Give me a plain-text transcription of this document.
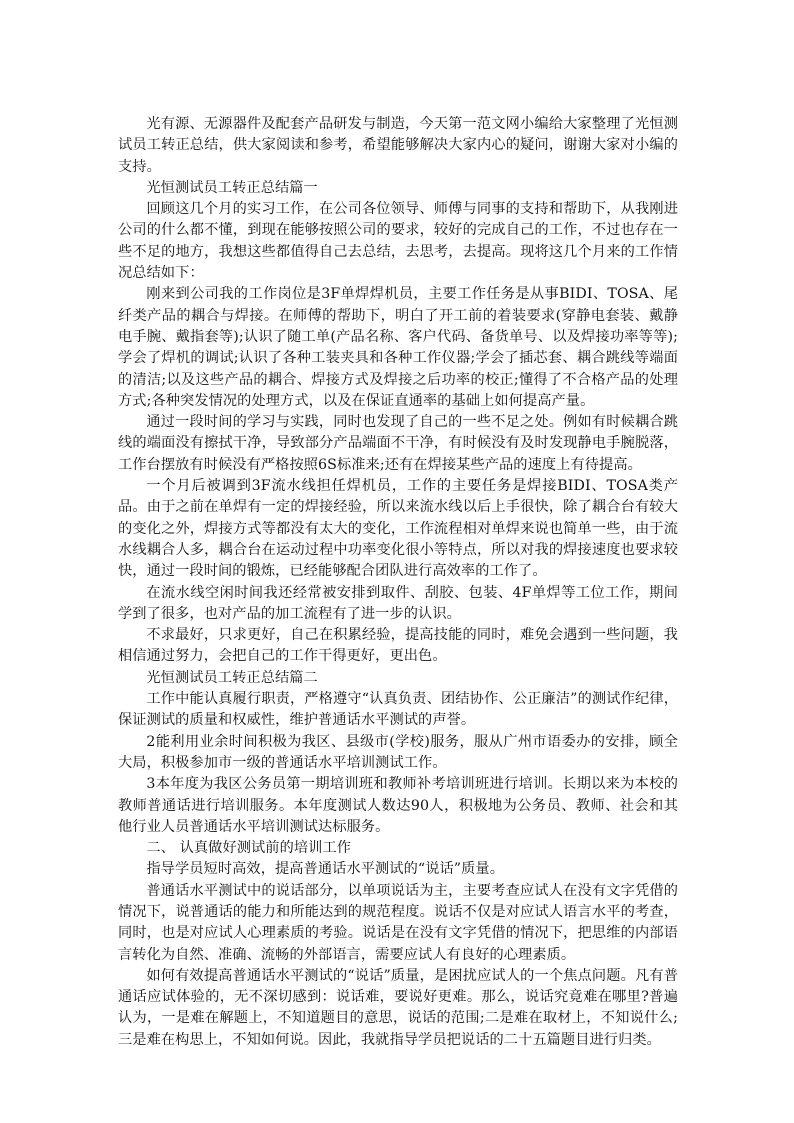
光有源、无源器件及配套产品研发与制造，今天第一范文网小编给大家整理了光恒测试员工转正总结，供大家阅读和参考，希望能够解决大家内心的疑问，谢谢大家对小编的支持。

光恒测试员工转正总结篇一

回顾这几个月的实习工作，在公司各位领导、师傅与同事的支持和帮助下，从我刚进公司的什么都不懂，到现在能够按照公司的要求，较好的完成自己的工作，不过也存在一些不足的地方，我想这些都值得自己去总结，去思考，去提高。现将这几个月来的工作情况总结如下：

刚来到公司我的工作岗位是3F单焊焊机员，主要工作任务是从事BIDI、TOSA、尾纤类产品的耦合与焊接。在师傅的帮助下，明白了开工前的着装要求(穿静电套装、戴静电手腕、戴指套等);认识了随工单(产品名称、客户代码、备货单号、以及焊接功率等等);学会了焊机的调试;认识了各种工装夹具和各种工作仪器;学会了插芯套、耦合跳线等端面的清洁;以及这些产品的耦合、焊接方式及焊接之后功率的校正;懂得了不合格产品的处理方式;各种突发情况的处理方式，以及在保证直通率的基础上如何提高产量。

通过一段时间的学习与实践，同时也发现了自己的一些不足之处。例如有时候耦合跳线的端面没有擦拭干净，导致部分产品端面不干净，有时候没有及时发现静电手腕脱落，工作台摆放有时候没有严格按照6S标准来;还有在焊接某些产品的速度上有待提高。

一个月后被调到3F流水线担任焊机员，工作的主要任务是焊接BIDI、TOSA类产品。由于之前在单焊有一定的焊接经验，所以来流水线以后上手很快，除了耦合台有较大的变化之外，焊接方式等都没有太大的变化，工作流程相对单焊来说也简单一些，由于流水线耦合人多，耦合台在运动过程中功率变化很小等特点，所以对我的焊接速度也要求较快，通过一段时间的锻炼，已经能够配合团队进行高效率的工作了。

在流水线空闲时间我还经常被安排到取件、刮胶、包装、4F单焊等工位工作，期间学到了很多，也对产品的加工流程有了进一步的认识。

不求最好，只求更好，自己在积累经验，提高技能的同时，难免会遇到一些问题，我相信通过努力，会把自己的工作干得更好，更出色。

光恒测试员工转正总结篇二

工作中能认真履行职责，严格遵守“认真负责、团结协作、公正廉洁”的测试作纪律，保证测试的质量和权威性，维护普通话水平测试的声誉。

2能利用业余时间积极为我区、县级市(学校)服务，服从广州市语委办的安排，顾全大局，积极参加市一级的普通话水平培训测试工作。

3本年度为我区公务员第一期培训班和教师补考培训班进行培训。长期以来为本校的教师普通话进行培训服务。本年度测试人数达90人，积极地为公务员、教师、社会和其他行业人员普通话水平培训测试达标服务。

二、 认真做好测试前的培训工作

指导学员短时高效，提高普通话水平测试的“说话”质量。

普通话水平测试中的说话部分，以单项说话为主，主要考查应试人在没有文字凭借的情况下，说普通话的能力和所能达到的规范程度。说话不仅是对应试人语言水平的考查，同时，也是对应试人心理素质的考验。说话是在没有文字凭借的情况下，把思维的内部语言转化为自然、准确、流畅的外部语言，需要应试人有良好的心理素质。

如何有效提高普通话水平测试的“说话”质量，是困扰应试人的一个焦点问题。凡有普通话应试体验的，无不深切感到：说话难，要说好更难。那么，说话究竟难在哪里?普遍认为，一是难在解题上，不知道题目的意思，说话的范围;二是难在取材上，不知说什么;三是难在构思上，不知如何说。因此，我就指导学员把说话的二十五篇题目进行归类。
